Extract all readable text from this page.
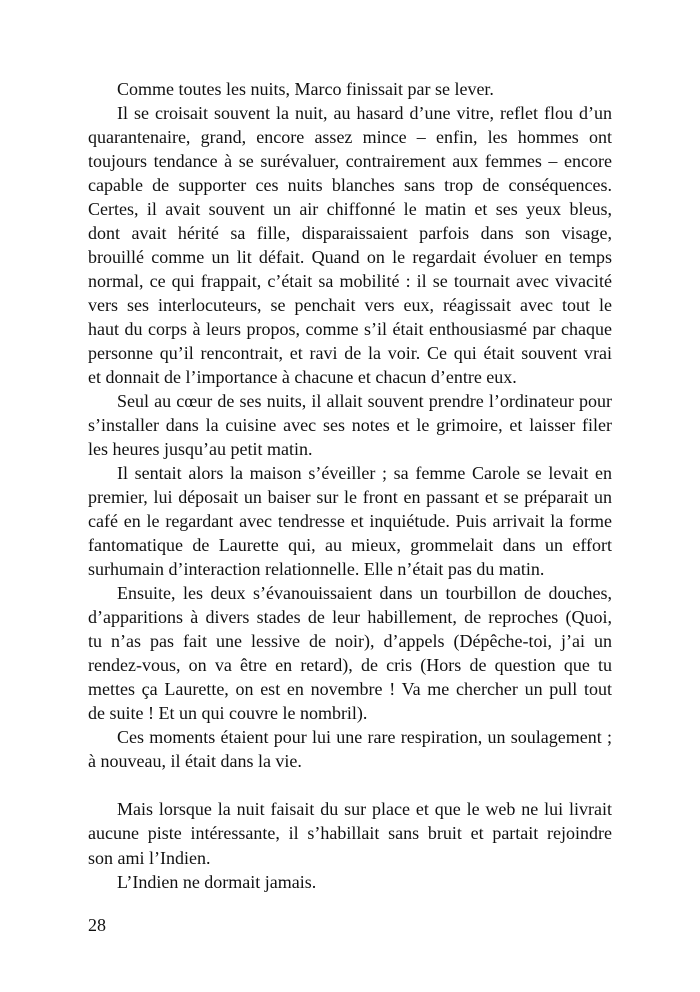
Comme toutes les nuits, Marco finissait par se lever.
Il se croisait souvent la nuit, au hasard d’une vitre, reflet flou d’un
quarantenaire, grand, encore assez mince – enfin, les hommes ont
toujours tendance à se surévaluer, contrairement aux femmes – encore
capable de supporter ces nuits blanches sans trop de conséquences.
Certes, il avait souvent un air chiffonné le matin et ses yeux bleus,
dont avait hérité sa fille, disparaissaient parfois dans son visage,
brouillé comme un lit défait. Quand on le regardait évoluer en temps
normal, ce qui frappait, c’était sa mobilité : il se tournait avec vivacité
vers ses interlocuteurs, se penchait vers eux, réagissait avec tout le
haut du corps à leurs propos, comme s’il était enthousiasmé par chaque
personne qu’il rencontrait, et ravi de la voir. Ce qui était souvent vrai
et donnait de l’importance à chacune et chacun d’entre eux.
Seul au cœur de ses nuits, il allait souvent prendre l’ordinateur pour
s’installer dans la cuisine avec ses notes et le grimoire, et laisser filer
les heures jusqu’au petit matin.
Il sentait alors la maison s’éveiller ; sa femme Carole se levait en
premier, lui déposait un baiser sur le front en passant et se préparait un
café en le regardant avec tendresse et inquiétude. Puis arrivait la forme
fantomatique de Laurette qui, au mieux, grommelait dans un effort
surhumain d’interaction relationnelle. Elle n’était pas du matin.
Ensuite, les deux s’évanouissaient dans un tourbillon de douches,
d’apparitions à divers stades de leur habillement, de reproches (Quoi,
tu n’as pas fait une lessive de noir), d’appels (Dépêche-toi, j’ai un
rendez-vous, on va être en retard), de cris (Hors de question que tu
mettes ça Laurette, on est en novembre ! Va me chercher un pull tout
de suite ! Et un qui couvre le nombril).
Ces moments étaient pour lui une rare respiration, un soulagement ;
à nouveau, il était dans la vie.
Mais lorsque la nuit faisait du sur place et que le web ne lui livrait
aucune piste intéressante, il s’habillait sans bruit et partait rejoindre
son ami l’Indien.
L’Indien ne dormait jamais.
28
